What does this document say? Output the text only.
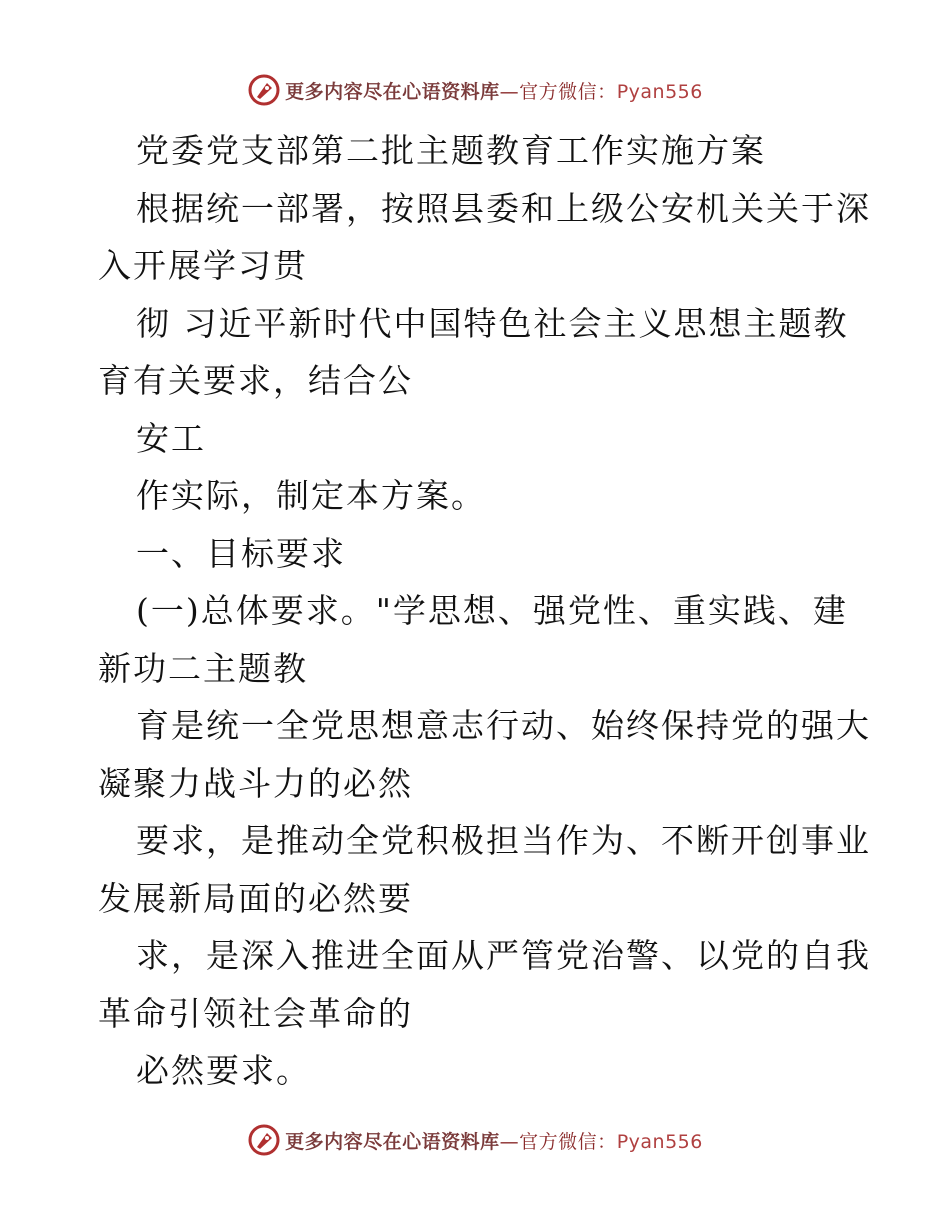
更多内容尽在心语资料库—官方微信：Pyan556
党委党支部第二批主题教育工作实施方案
根据统一部署，按照县委和上级公安机关关于深
入开展学习贯
彻 习近平新时代中国特色社会主义思想主题教
育有关要求，结合公
安工
作实际，制定本方案。
一、目标要求
(一)总体要求。"学思想、强党性、重实践、建
新功二主题教
育是统一全党思想意志行动、始终保持党的强大
凝聚力战斗力的必然
要求，是推动全党积极担当作为、不断开创事业
发展新局面的必然要
求，是深入推进全面从严管党治警、以党的自我
革命引领社会革命的
必然要求。
更多内容尽在心语资料库—官方微信：Pyan556
